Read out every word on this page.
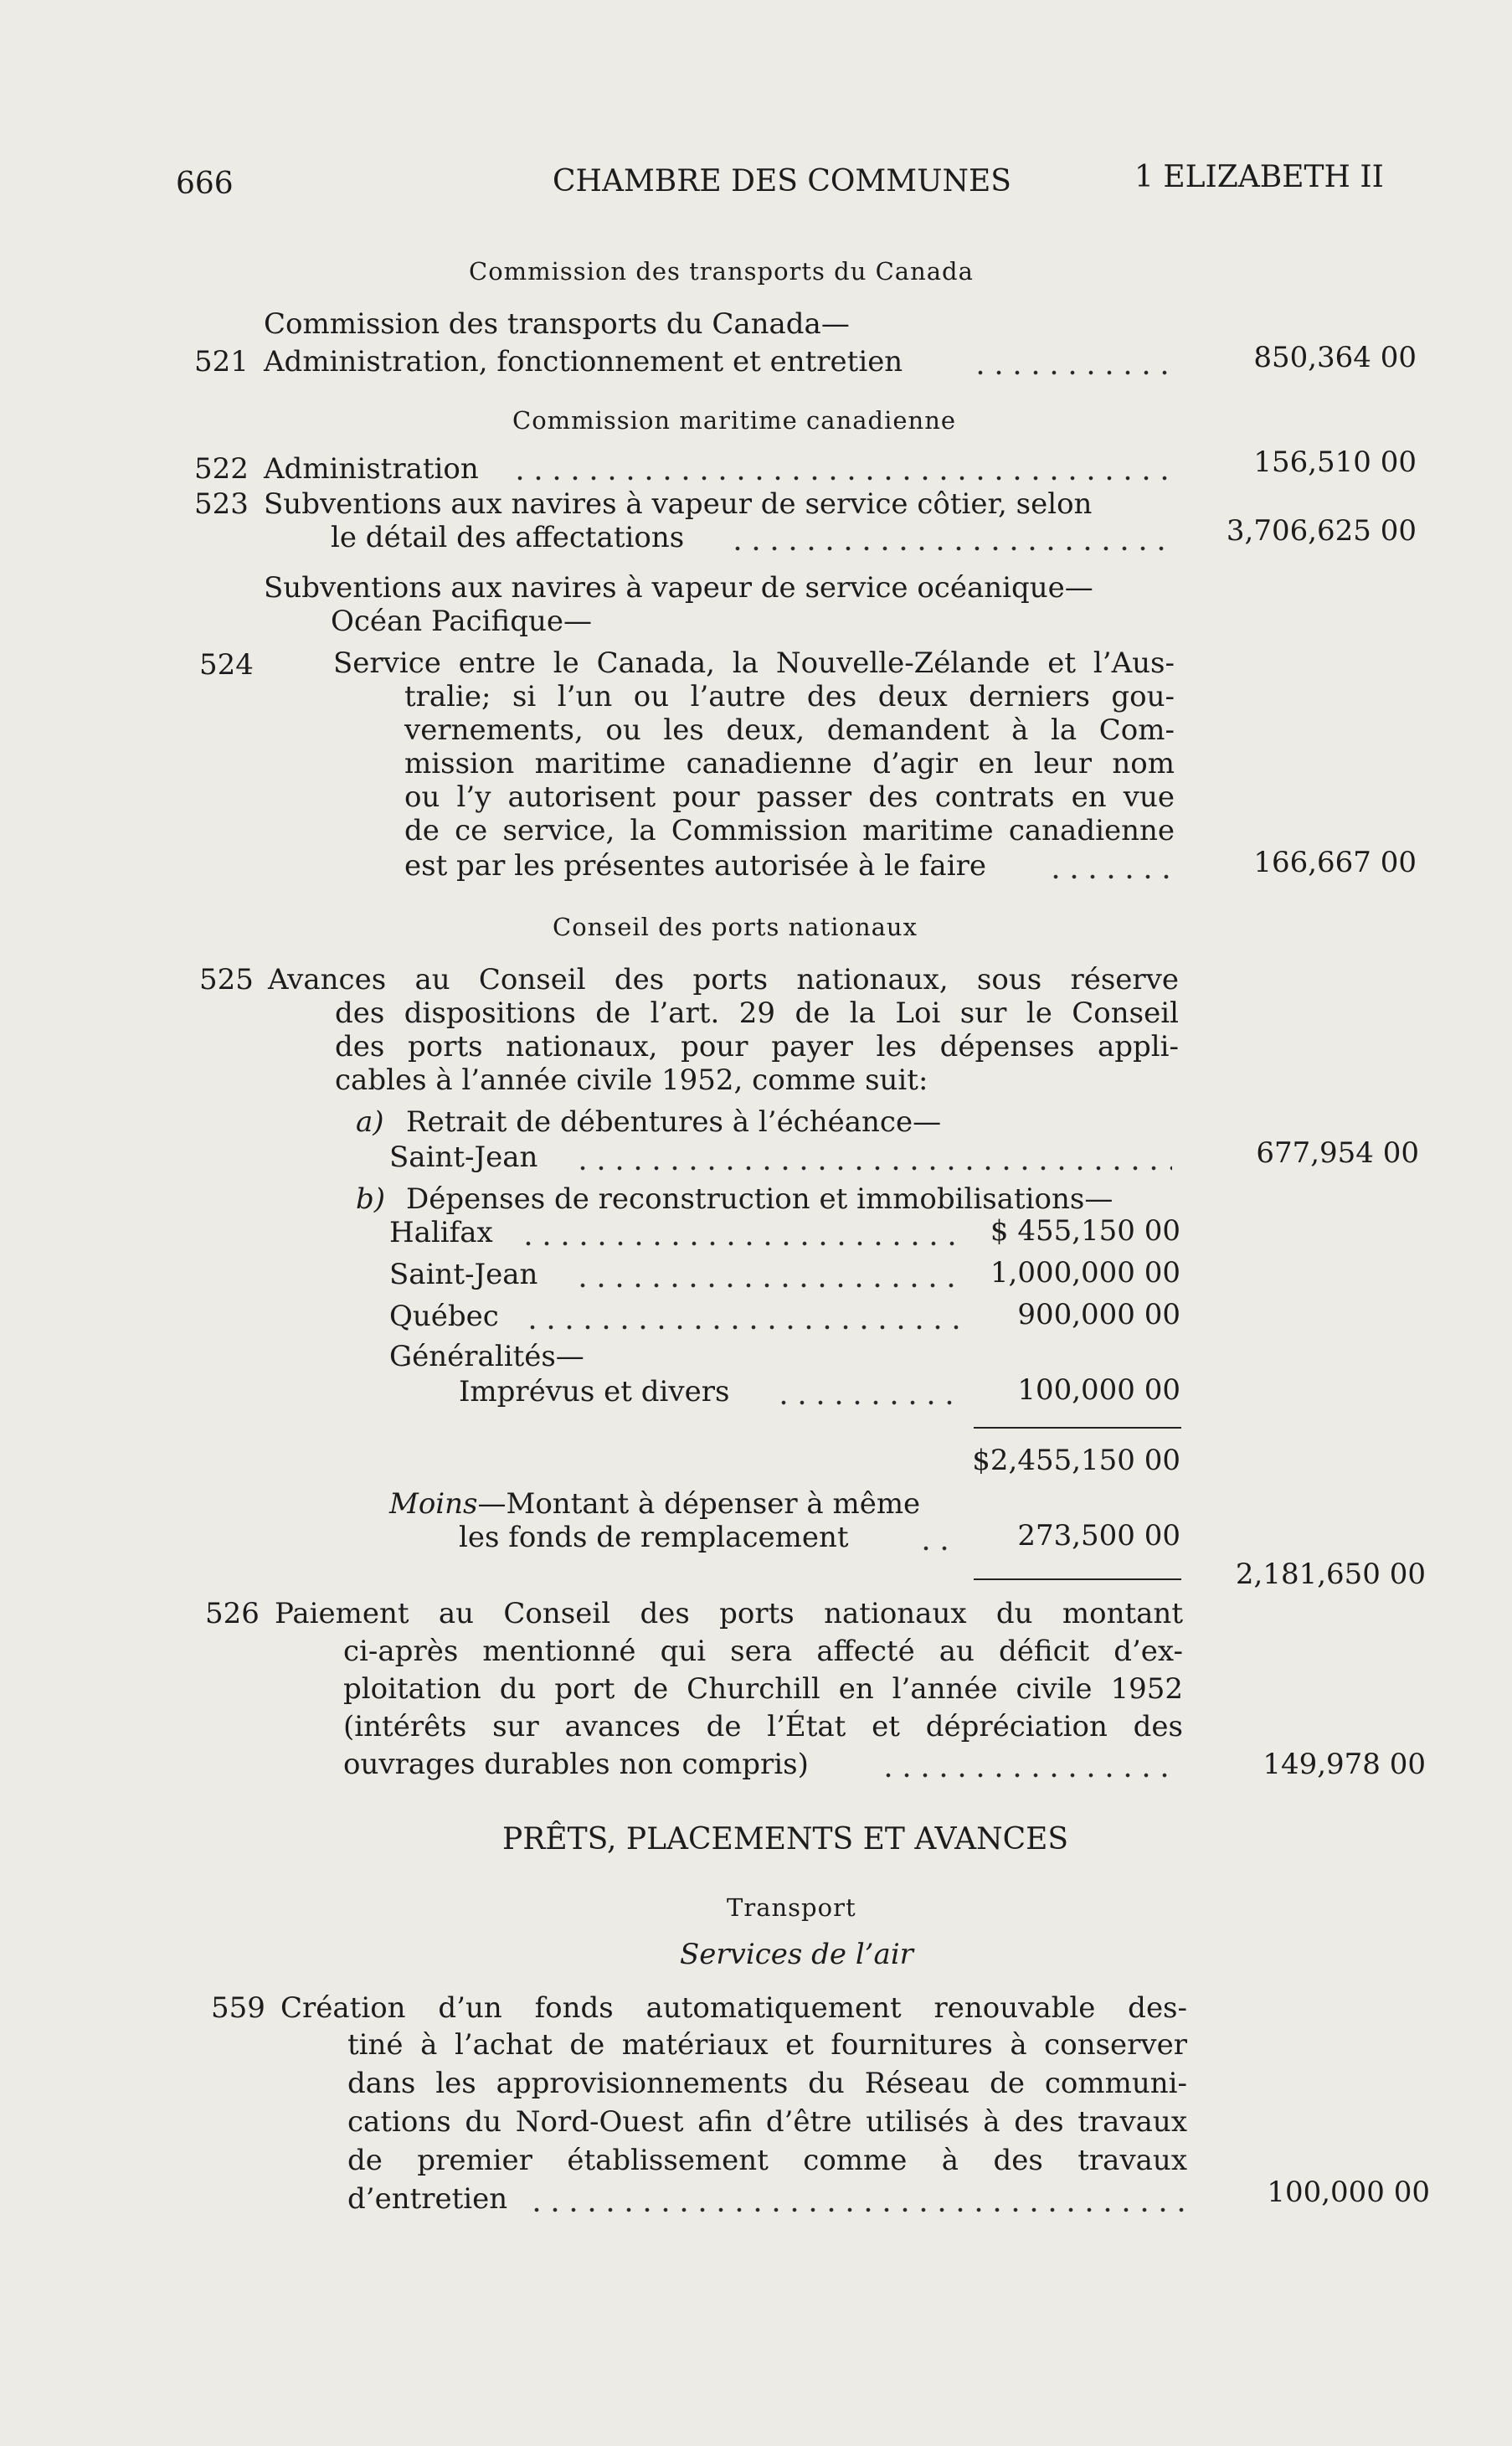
666	CHAMBRE DES COMMUNES	1 ELIZABETH II
Commission des transports du Canada
Commission des transports du Canada—
521 Administration, fonctionnement et entretien	850,364 00
Commission maritime canadienne
522 Administration	156,510 00
523 Subventions aux navires à vapeur de service côtier, selon
le détail des affectations	3,706,625 00
Subventions aux navires à vapeur de service océanique—
Océan Pacifique—
524	Service entre le Canada, la Nouvelle-Zélande et l’Aus-
tralie; si l’un ou l’autre des deux derniers gou-
vernements, ou les deux, demandent à la Com-
mission maritime canadienne d’agir en leur nom
ou l’y autorisent pour passer des contrats en vue
de ce service, la Commission maritime canadienne
est par les présentes autorisée à le faire	166,667 00
Conseil des ports nationaux
525 Avances au Conseil des ports nationaux, sous réserve
des dispositions de l’art. 29 de la Loi sur le Conseil
des ports nationaux, pour payer les dépenses appli-
cables à l’année civile 1952, comme suit:
a) Retrait de débentures à l’échéance—
Saint-Jean	677,954 00
b) Dépenses de reconstruction et immobilisations—
Halifax	$ 455,150 00
Saint-Jean	1,000,000 00
Québec	900,000 00
Généralités—
Imprévus et divers	100,000 00
$2,455,150 00
Moins—Montant à dépenser à même
les fonds de remplacement	273,500 00
2,181,650 00
526 Paiement au Conseil des ports nationaux du montant
ci-après mentionné qui sera affecté au déficit d’ex-
ploitation du port de Churchill en l’année civile 1952
(intérêts sur avances de l’État et dépréciation des
ouvrages durables non compris)	149,978 00
PRÊTS, PLACEMENTS ET AVANCES
Transport
Services de l’air
559 Création d’un fonds automatiquement renouvable des-
tiné à l’achat de matériaux et fournitures à conserver
dans les approvisionnements du Réseau de communi-
cations du Nord-Ouest afin d’être utilisés à des travaux
de premier établissement comme à des travaux
d’entretien	100,000 00
